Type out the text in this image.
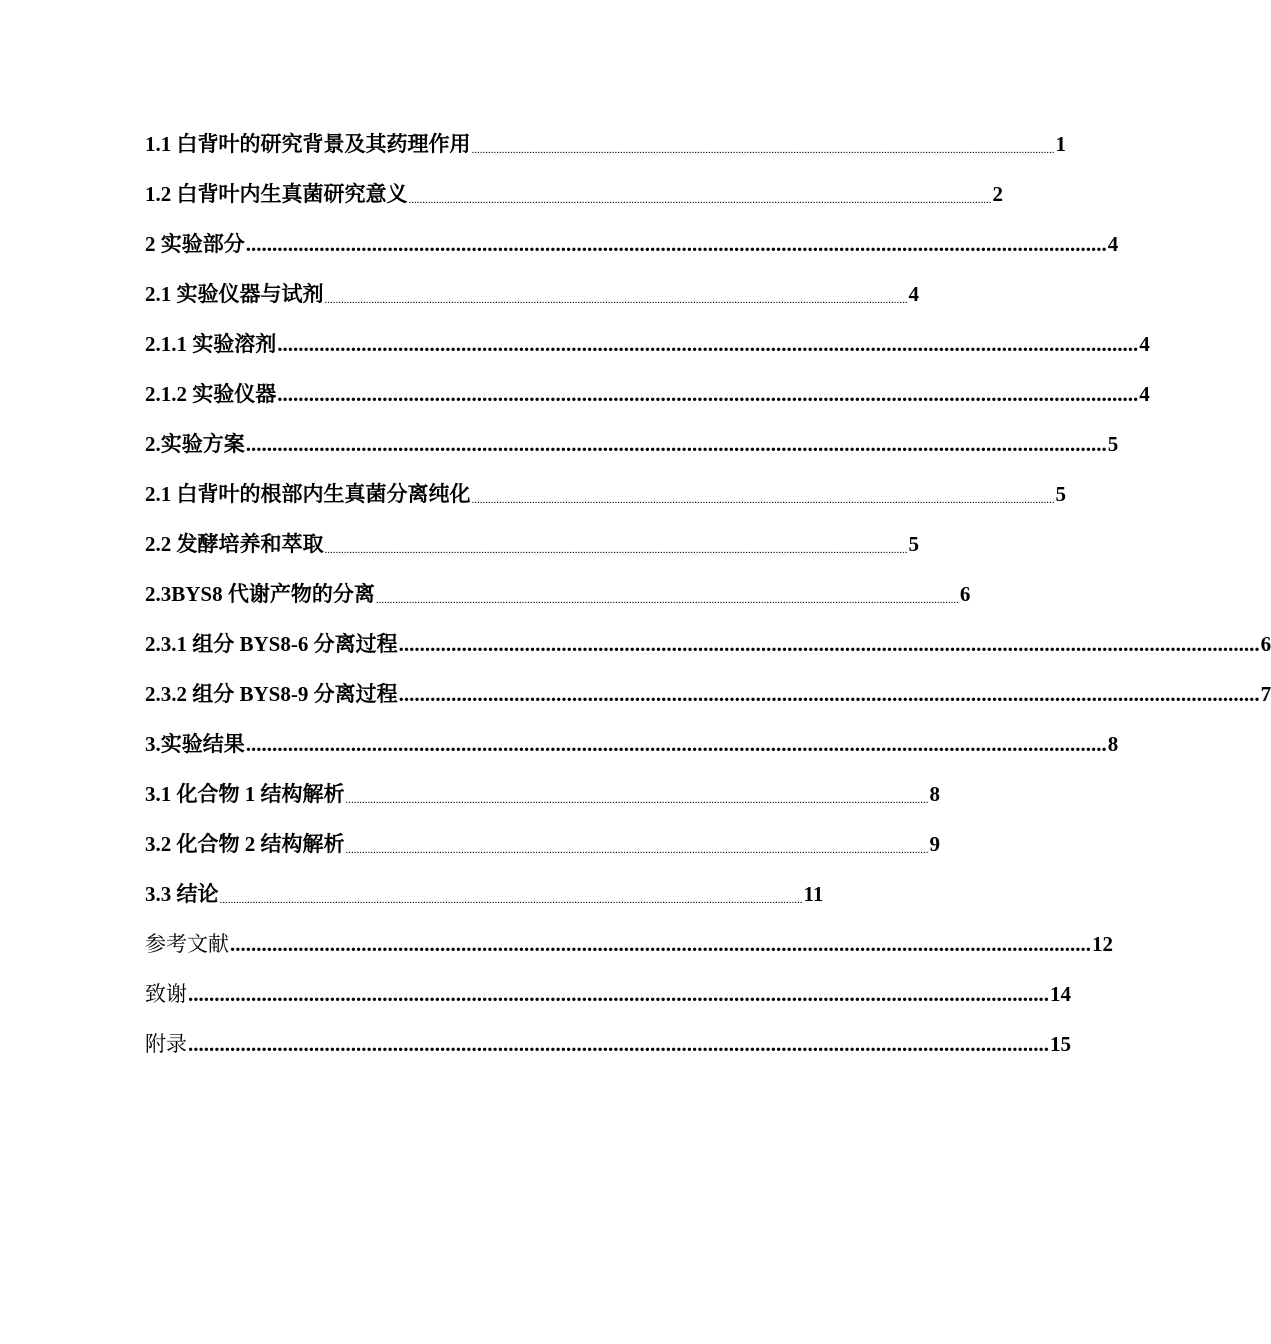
1.1 白背叶的研究背景及其药理作用 .................................................................................................................................................................................................................... 1
1.2 白背叶内生真菌研究意义 .................................................................................................................................................................................................................... 2
2 实验部分 .................................................................................................................................................................... 4
2.1 实验仪器与试剂 .................................................................................................................................................................................................................... 4
2.1.1 实验溶剂 .................................................................................................................................................................... 4
2.1.2 实验仪器 .................................................................................................................................................................... 4
2.实验方案 .................................................................................................................................................................... 5
2.1 白背叶的根部内生真菌分离纯化 .................................................................................................................................................................................................................... 5
2.2 发酵培养和萃取 .................................................................................................................................................................................................................... 5
2.3BYS8 代谢产物的分离 .................................................................................................................................................................................................................... 6
2.3.1 组分 BYS8-6 分离过程 .................................................................................................................................................................... 6
2.3.2 组分 BYS8-9 分离过程 .................................................................................................................................................................... 7
3.实验结果 .................................................................................................................................................................... 8
3.1 化合物 1 结构解析 .................................................................................................................................................................................................................... 8
3.2 化合物 2 结构解析 .................................................................................................................................................................................................................... 9
3.3 结论 .................................................................................................................................................................................................................... 11
参考文献 .................................................................................................................................................................... 12
致谢 .................................................................................................................................................................... 14
附录 .................................................................................................................................................................... 15
